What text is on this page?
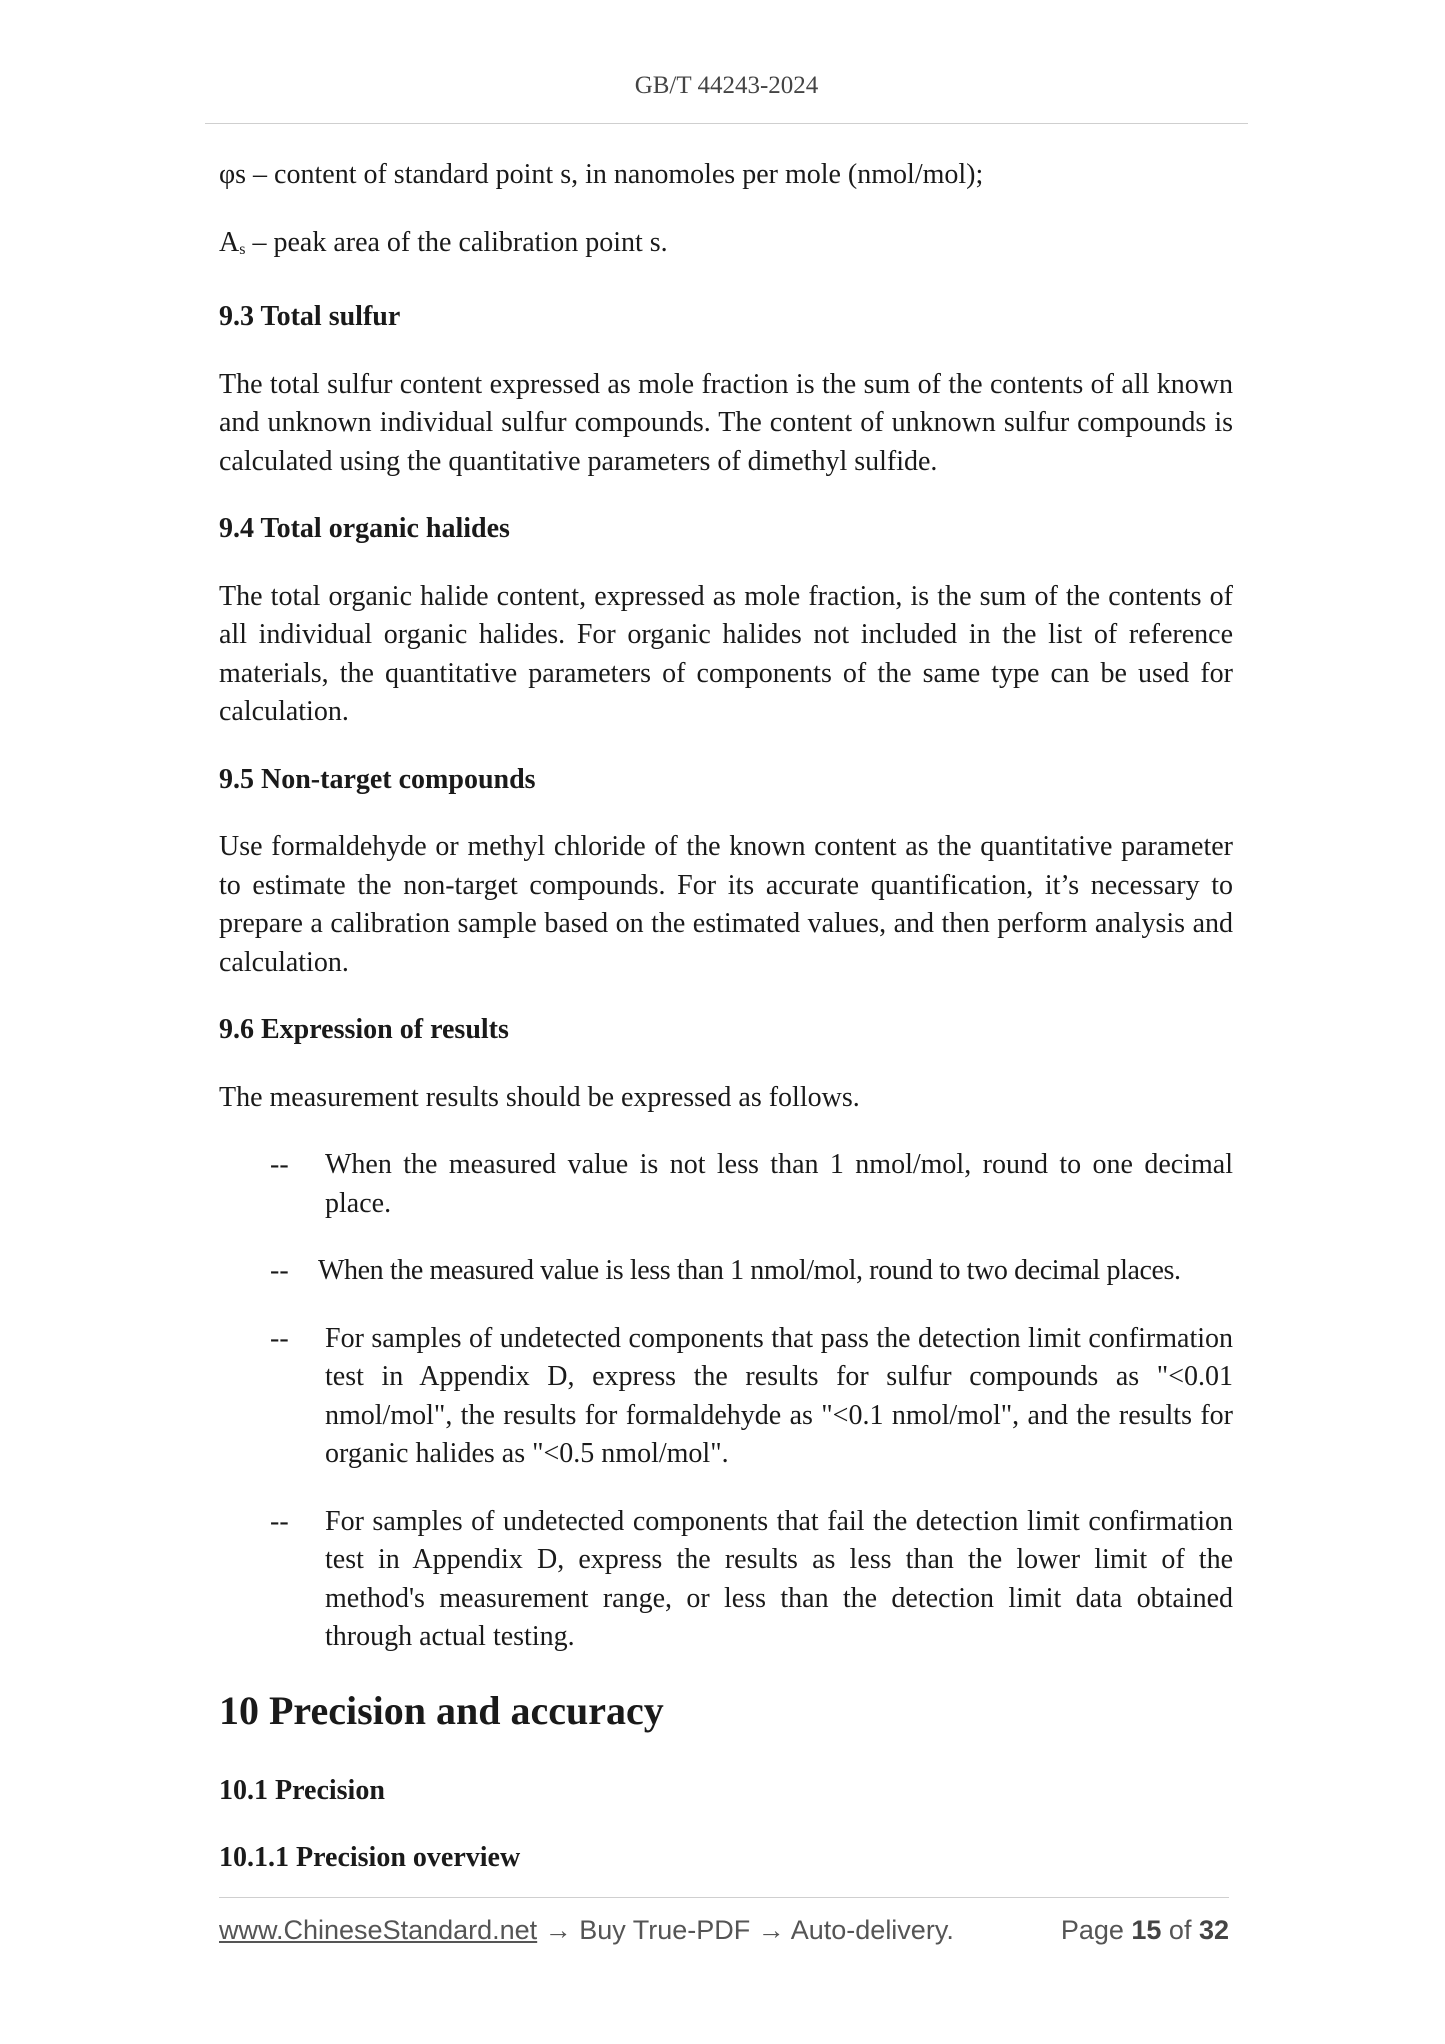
GB/T 44243-2024

φs – content of standard point s, in nanomoles per mole (nmol/mol);

As – peak area of the calibration point s.

9.3 Total sulfur

The total sulfur content expressed as mole fraction is the sum of the contents of all known and unknown individual sulfur compounds. The content of unknown sulfur compounds is calculated using the quantitative parameters of dimethyl sulfide.

9.4 Total organic halides

The total organic halide content, expressed as mole fraction, is the sum of the contents of all individual organic halides. For organic halides not included in the list of reference materials, the quantitative parameters of components of the same type can be used for calculation.

9.5 Non-target compounds

Use formaldehyde or methyl chloride of the known content as the quantitative parameter to estimate the non-target compounds. For its accurate quantification, it’s necessary to prepare a calibration sample based on the estimated values, and then perform analysis and calculation.

9.6 Expression of results

The measurement results should be expressed as follows.

--	When the measured value is not less than 1 nmol/mol, round to one decimal place.
--	When the measured value is less than 1 nmol/mol, round to two decimal places.
--	For samples of undetected components that pass the detection limit confirmation test in Appendix D, express the results for sulfur compounds as "<0.01 nmol/mol", the results for formaldehyde as "<0.1 nmol/mol", and the results for organic halides as "<0.5 nmol/mol".
--	For samples of undetected components that fail the detection limit confirmation test in Appendix D, express the results as less than the lower limit of the method's measurement range, or less than the detection limit data obtained through actual testing.
10 Precision and accuracy
10.1 Precision
10.1.1 Precision overview
www.ChineseStandard.net → Buy True-PDF → Auto-delivery.	Page 15 of 32
